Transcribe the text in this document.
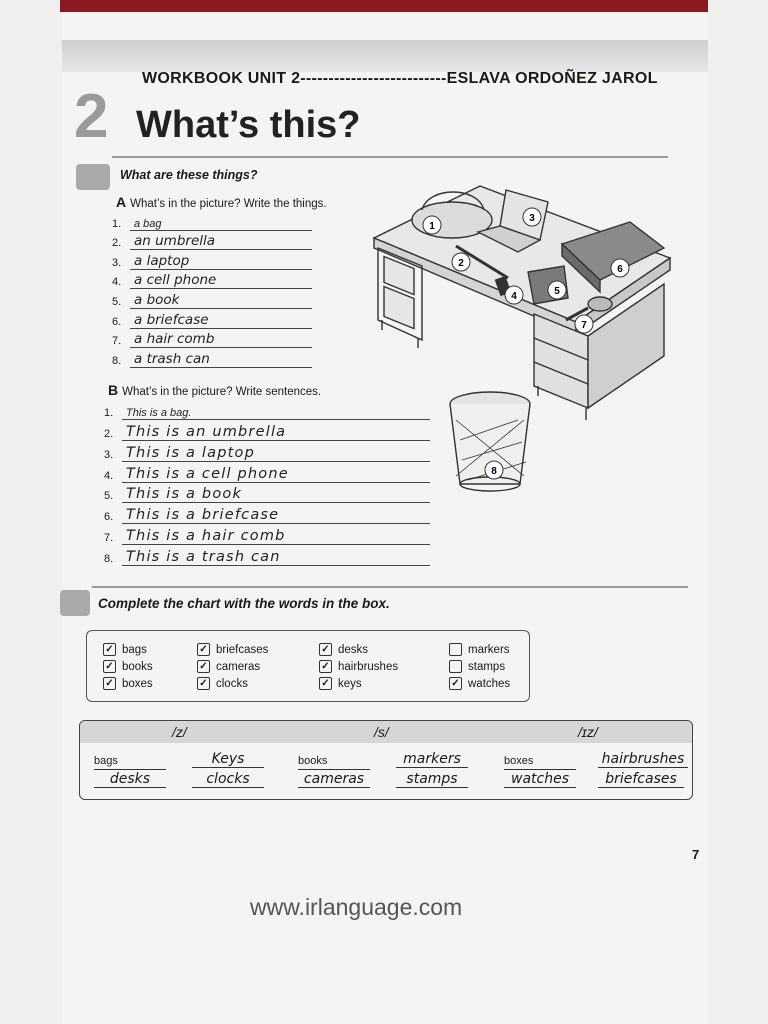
WORKBOOK UNIT 2--------------------------ESLAVA ORDOÑEZ JAROL
2 What’s this?
What are these things?
A What’s in the picture? Write the things.
1.	a bag
2. an umbrella
3. a laptop
4. a cell phone
5. a book
6. a briefcase
7. a hair comb
8. a trash can
B What’s in the picture? Write sentences.
1.	This is a bag.
2. This is an umbrella
3. This is a laptop
4. This is a cell phone
5. This is a book
6. This is a briefcase
7. This is a hair comb
8. This is a trash can
1
2
3
4	5
6
7
8
Complete the chart with the words in the box.
✓ bags
✓ books
✓ boxes
✓ briefcases
✓ cameras
✓ clocks
✓ desks
✓ hairbrushes
✓ keys
markers
stamps
✓ watches
/z/	/s/	/ɪz/
bags	Keys	books	markers	boxes	hairbrushes
desks	clocks	cameras	stamps	watches	briefcases
7
www.irlanguage.com
